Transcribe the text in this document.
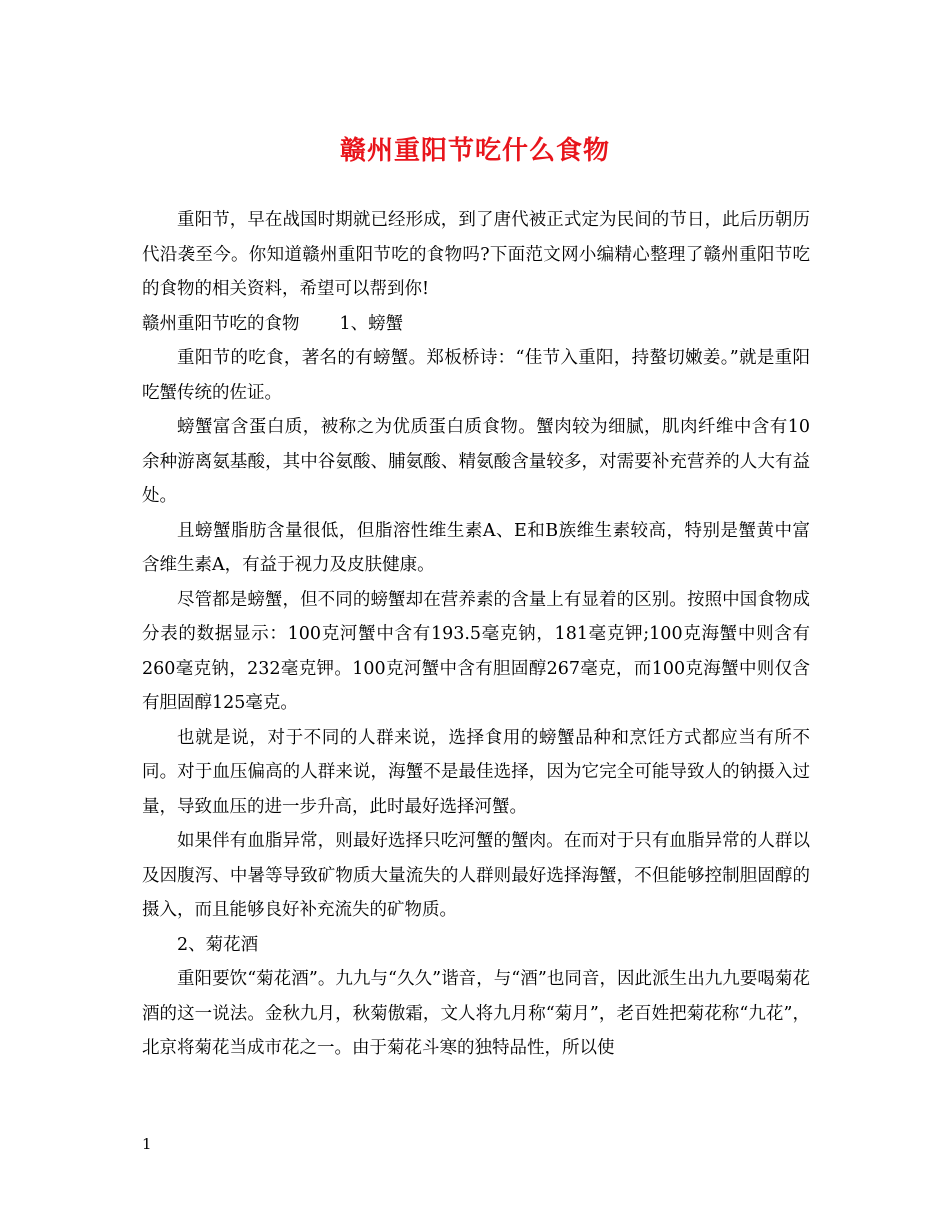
赣州重阳节吃什么食物

重阳节，早在战国时期就已经形成，到了唐代被正式定为民间的节日，此后历朝历代沿袭至今。你知道赣州重阳节吃的食物吗?下面范文网小编精心整理了赣州重阳节吃的食物的相关资料，希望可以帮到你!

赣州重阳节吃的食物 1、螃蟹

重阳节的吃食，著名的有螃蟹。郑板桥诗：“佳节入重阳，持螯切嫩姜。”就是重阳吃蟹传统的佐证。

螃蟹富含蛋白质，被称之为优质蛋白质食物。蟹肉较为细腻，肌肉纤维中含有10余种游离氨基酸，其中谷氨酸、脯氨酸、精氨酸含量较多，对需要补充营养的人大有益处。

且螃蟹脂肪含量很低，但脂溶性维生素A、E和B族维生素较高，特别是蟹黄中富含维生素A，有益于视力及皮肤健康。

尽管都是螃蟹，但不同的螃蟹却在营养素的含量上有显着的区别。按照中国食物成分表的数据显示：100克河蟹中含有193.5毫克钠，181毫克钾;100克海蟹中则含有260毫克钠，232毫克钾。100克河蟹中含有胆固醇267毫克，而100克海蟹中则仅含有胆固醇125毫克。

也就是说，对于不同的人群来说，选择食用的螃蟹品种和烹饪方式都应当有所不同。对于血压偏高的人群来说，海蟹不是最佳选择，因为它完全可能导致人的钠摄入过量，导致血压的进一步升高，此时最好选择河蟹。

如果伴有血脂异常，则最好选择只吃河蟹的蟹肉。在而对于只有血脂异常的人群以及因腹泻、中暑等导致矿物质大量流失的人群则最好选择海蟹，不但能够控制胆固醇的摄入，而且能够良好补充流失的矿物质。

2、菊花酒

重阳要饮“菊花酒”。九九与“久久”谐音，与“酒”也同音，因此派生出九九要喝菊花酒的这一说法。金秋九月，秋菊傲霜，文人将九月称“菊月”，老百姓把菊花称“九花”，北京将菊花当成市花之一。由于菊花斗寒的独特品性，所以使

1
